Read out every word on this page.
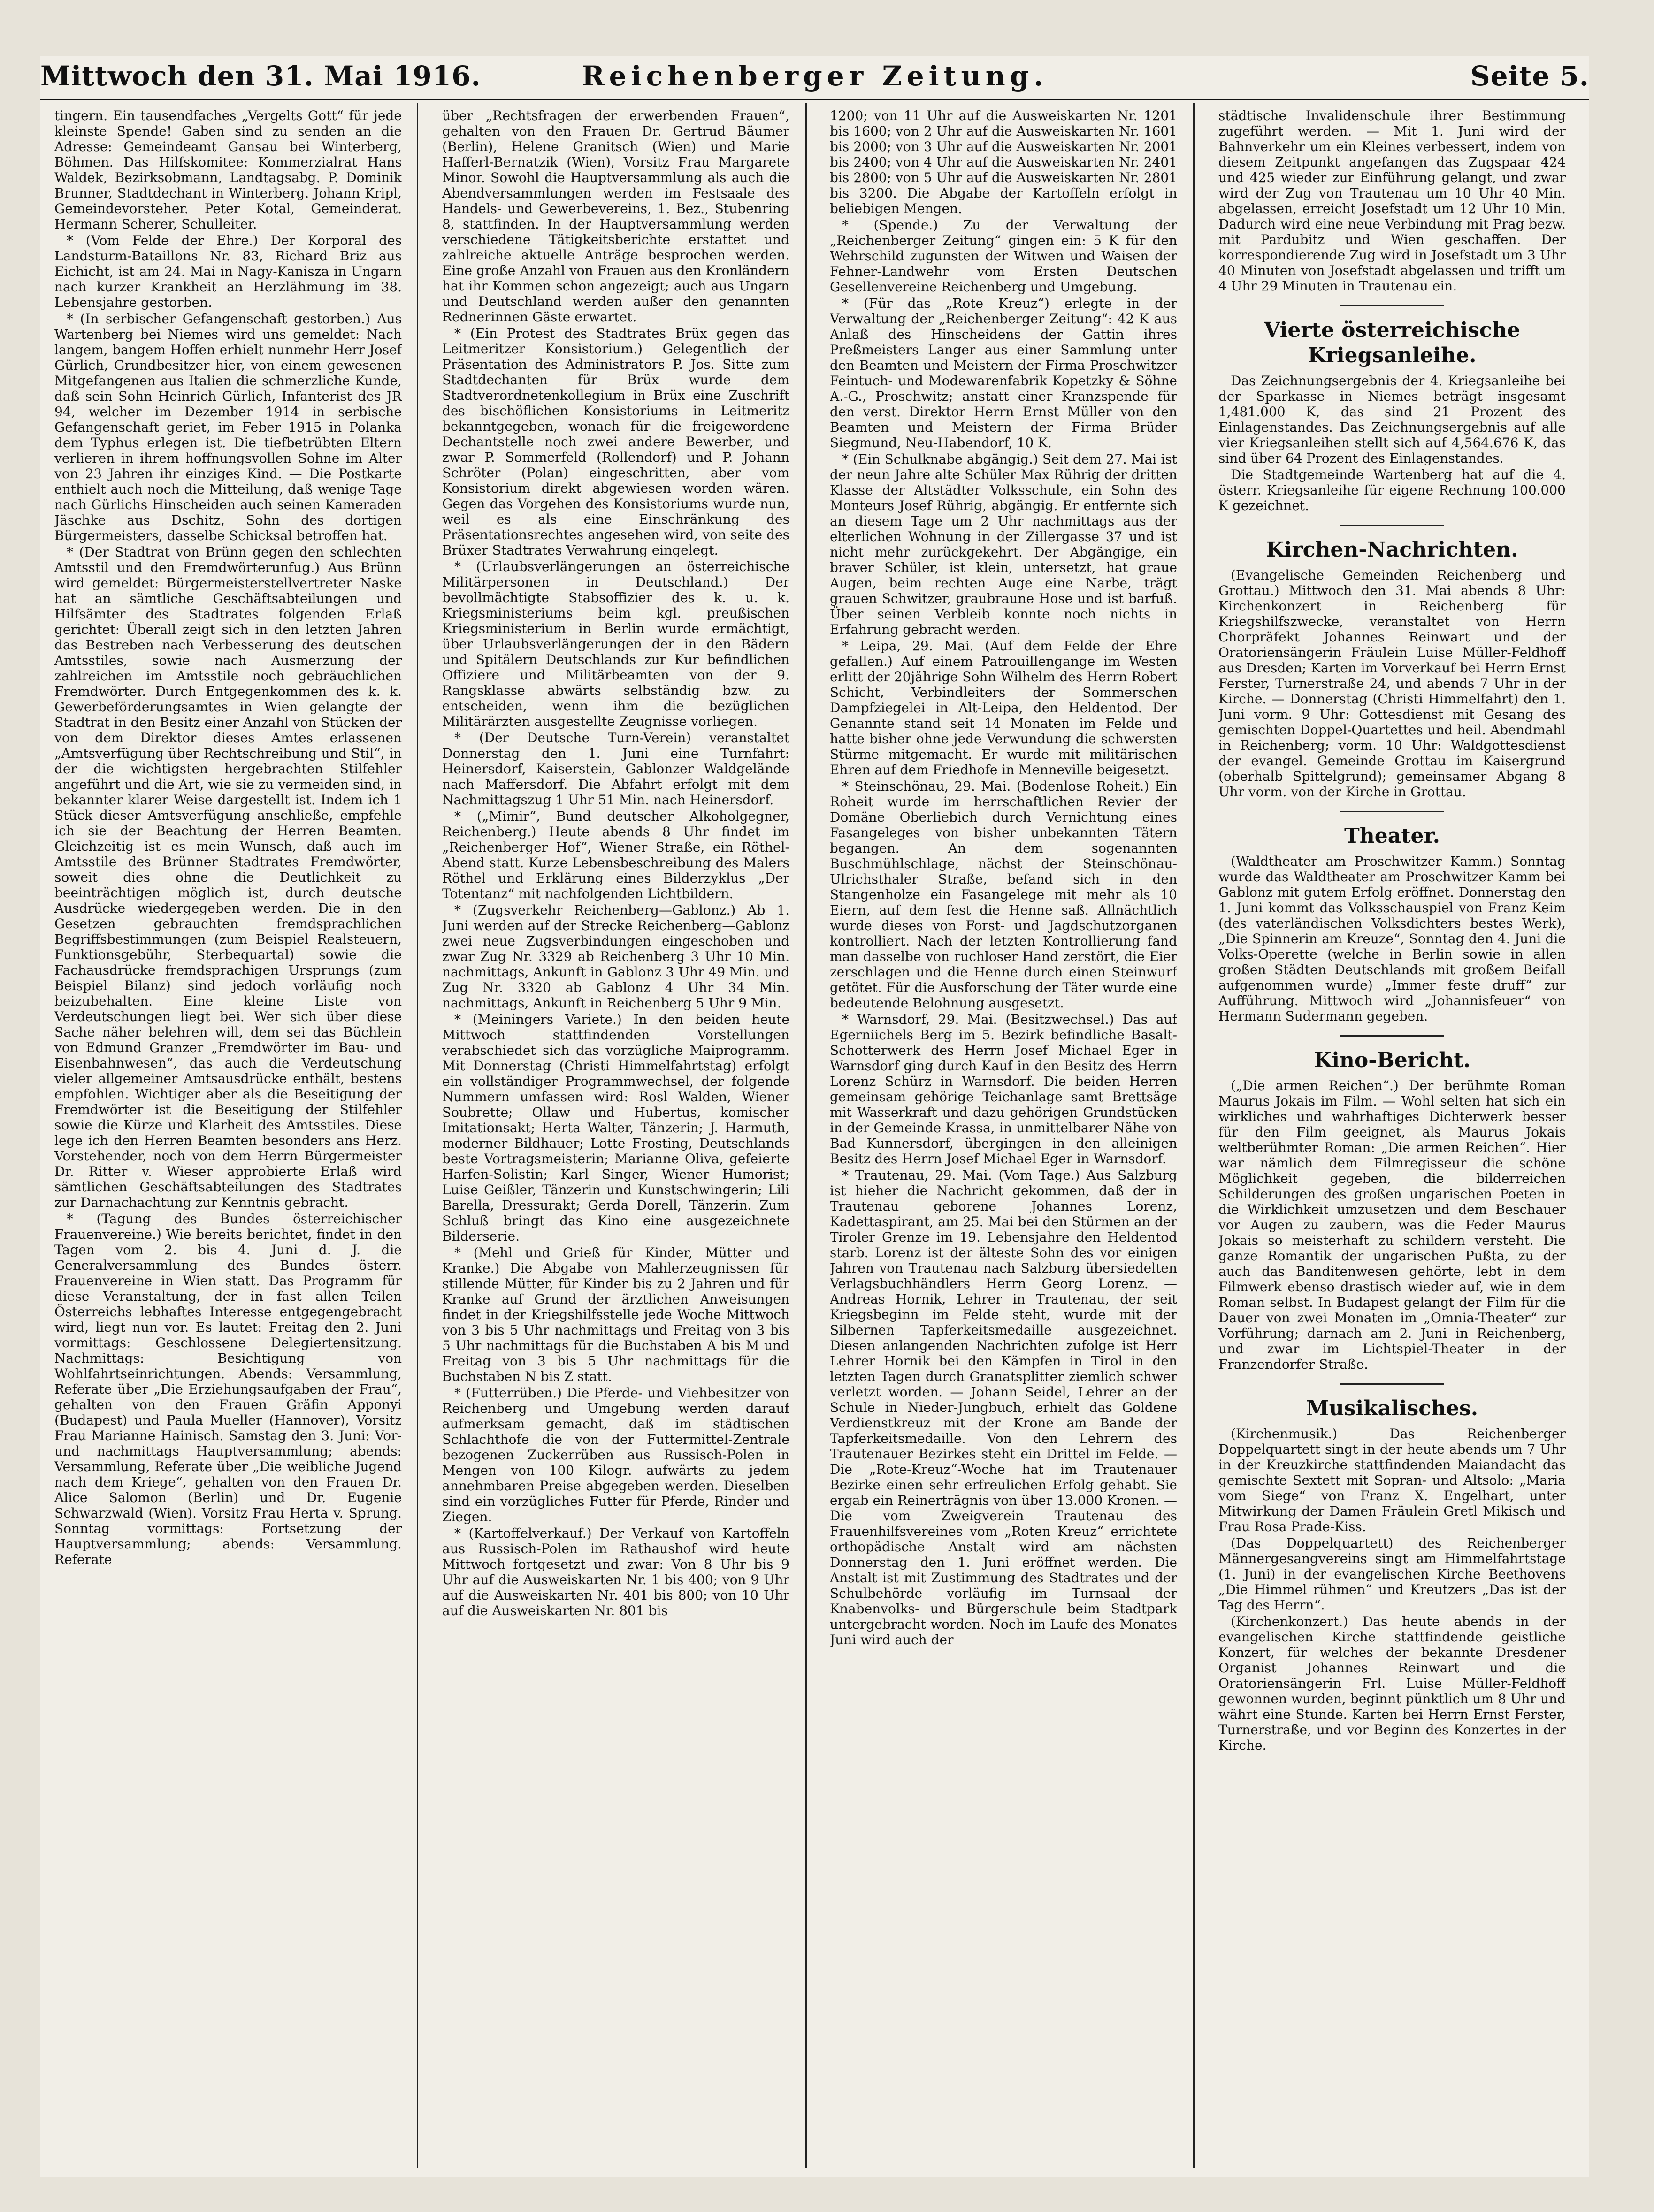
Reichenberger Zeitung.
Mittwoch den 31. Mai 1916.	Seite 5.

tingern. Ein tausendfaches „Vergelts Gott“ für jede kleinste Spende! Gaben sind zu senden an die Adresse: Gemeindeamt Gansau bei Winterberg, Böhmen. Das Hilfskomitee: Kommerzialrat Hans Waldek, Bezirksobmann, Landtagsabg. P. Dominik Brunner, Stadtdechant in Winterberg. Johann Kripl, Gemeindevorsteher. Peter Kotal, Gemeinderat. Hermann Scherer, Schulleiter.

* (Vom Felde der Ehre.) Der Korporal des Landsturm-Bataillons Nr. 83, Richard Briz aus Eichicht, ist am 24. Mai in Nagy-Kanisza in Ungarn nach kurzer Krankheit an Herzlähmung im 38. Lebensjahre gestorben.

* (In serbischer Gefangenschaft gestorben.) Aus Wartenberg bei Niemes wird uns gemeldet: Nach langem, bangem Hoffen erhielt nunmehr Herr Josef Gürlich, Grundbesitzer hier, von einem gewesenen Mitgefangenen aus Italien die schmerzliche Kunde, daß sein Sohn Heinrich Gürlich, Infanterist des JR 94, welcher im Dezember 1914 in serbische Gefangenschaft geriet, im Feber 1915 in Polanka dem Typhus erlegen ist. Die tiefbetrübten Eltern verlieren in ihrem hoffnungsvollen Sohne im Alter von 23 Jahren ihr einziges Kind. — Die Postkarte enthielt auch noch die Mitteilung, daß wenige Tage nach Gürlichs Hinscheiden auch seinen Kameraden Jäschke aus Dschitz, Sohn des dortigen Bürgermeisters, dasselbe Schicksal betroffen hat.

* (Der Stadtrat von Brünn gegen den schlechten Amtsstil und den Fremdwörterunfug.) Aus Brünn wird gemeldet: Bürgermeisterstellvertreter Naske hat an sämtliche Geschäftsabteilungen und Hilfsämter des Stadtrates folgenden Erlaß gerichtet: Überall zeigt sich in den letzten Jahren das Bestreben nach Verbesserung des deutschen Amtsstiles, sowie nach Ausmerzung der zahlreichen im Amtsstile noch gebräuchlichen Fremdwörter. Durch Entgegenkommen des k. k. Gewerbeförderungsamtes in Wien gelangte der Stadtrat in den Besitz einer Anzahl von Stücken der von dem Direktor dieses Amtes erlassenen „Amtsverfügung über Rechtschreibung und Stil“, in der die wichtigsten hergebrachten Stilfehler angeführt und die Art, wie sie zu vermeiden sind, in bekannter klarer Weise dargestellt ist. Indem ich 1 Stück dieser Amtsverfügung anschließe, empfehle ich sie der Beachtung der Herren Beamten. Gleichzeitig ist es mein Wunsch, daß auch im Amtsstile des Brünner Stadtrates Fremdwörter, soweit dies ohne die Deutlichkeit zu beeinträchtigen möglich ist, durch deutsche Ausdrücke wiedergegeben werden. Die in den Gesetzen gebrauchten fremdsprachlichen Begriffsbestimmungen (zum Beispiel Realsteuern, Funktionsgebühr, Sterbequartal) sowie die Fachausdrücke fremdsprachigen Ursprungs (zum Beispiel Bilanz) sind jedoch vorläufig noch beizubehalten. Eine kleine Liste von Verdeutschungen liegt bei. Wer sich über diese Sache näher belehren will, dem sei das Büchlein von Edmund Granzer „Fremdwörter im Bau- und Eisenbahnwesen“, das auch die Verdeutschung vieler allgemeiner Amtsausdrücke enthält, bestens empfohlen. Wichtiger aber als die Beseitigung der Fremdwörter ist die Beseitigung der Stilfehler sowie die Kürze und Klarheit des Amtsstiles. Diese lege ich den Herren Beamten besonders ans Herz. Vorstehender, noch von dem Herrn Bürgermeister Dr. Ritter v. Wieser approbierte Erlaß wird sämtlichen Geschäftsabteilungen des Stadtrates zur Darnachachtung zur Kenntnis gebracht.

* (Tagung des Bundes österreichischer Frauenvereine.) Wie bereits berichtet, findet in den Tagen vom 2. bis 4. Juni d. J. die Generalversammlung des Bundes österr. Frauenvereine in Wien statt. Das Programm für diese Veranstaltung, der in fast allen Teilen Österreichs lebhaftes Interesse entgegengebracht wird, liegt nun vor. Es lautet: Freitag den 2. Juni vormittags: Geschlossene Delegiertensitzung. Nachmittags: Besichtigung von Wohlfahrtseinrichtungen. Abends: Versammlung, Referate über „Die Erziehungsaufgaben der Frau“, gehalten von den Frauen Gräfin Apponyi (Budapest) und Paula Mueller (Hannover), Vorsitz Frau Marianne Hainisch. Samstag den 3. Juni: Vor- und nachmittags Hauptversammlung; abends: Versammlung, Referate über „Die weibliche Jugend nach dem Kriege“, gehalten von den Frauen Dr. Alice Salomon (Berlin) und Dr. Eugenie Schwarzwald (Wien). Vorsitz Frau Herta v. Sprung. Sonntag vormittags: Fortsetzung der Hauptversammlung; abends: Versammlung. Referate

über „Rechtsfragen der erwerbenden Frauen“, gehalten von den Frauen Dr. Gertrud Bäumer (Berlin), Helene Granitsch (Wien) und Marie Hafferl-Bernatzik (Wien), Vorsitz Frau Margarete Minor. Sowohl die Hauptversammlung als auch die Abendversammlungen werden im Festsaale des Handels- und Gewerbevereins, 1. Bez., Stubenring 8, stattfinden. In der Hauptversammlung werden verschiedene Tätigkeitsberichte erstattet und zahlreiche aktuelle Anträge besprochen werden. Eine große Anzahl von Frauen aus den Kronländern hat ihr Kommen schon angezeigt; auch aus Ungarn und Deutschland werden außer den genannten Rednerinnen Gäste erwartet.

* (Ein Protest des Stadtrates Brüx gegen das Leitmeritzer Konsistorium.) Gelegentlich der Präsentation des Administrators P. Jos. Sitte zum Stadtdechanten für Brüx wurde dem Stadtverordnetenkollegium in Brüx eine Zuschrift des bischöflichen Konsistoriums in Leitmeritz bekanntgegeben, wonach für die freigewordene Dechantstelle noch zwei andere Bewerber, und zwar P. Sommerfeld (Rollendorf) und P. Johann Schröter (Polan) eingeschritten, aber vom Konsistorium direkt abgewiesen worden wären. Gegen das Vorgehen des Konsistoriums wurde nun, weil es als eine Einschränkung des Präsentationsrechtes angesehen wird, von seite des Brüxer Stadtrates Verwahrung eingelegt.

* (Urlaubsverlängerungen an österreichische Militärpersonen in Deutschland.) Der bevollmächtigte Stabsoffizier des k. u. k. Kriegsministeriums beim kgl. preußischen Kriegsministerium in Berlin wurde ermächtigt, über Urlaubsverlängerungen der in den Bädern und Spitälern Deutschlands zur Kur befindlichen Offiziere und Militärbeamten von der 9. Rangsklasse abwärts selbständig bzw. zu entscheiden, wenn ihm die bezüglichen Militärärzten ausgestellte Zeugnisse vorliegen.

* (Der Deutsche Turn-Verein) veranstaltet Donnerstag den 1. Juni eine Turnfahrt: Heinersdorf, Kaiserstein, Gablonzer Waldgelände nach Maffersdorf. Die Abfahrt erfolgt mit dem Nachmittagszug 1 Uhr 51 Min. nach Heinersdorf.

* („Mimir“, Bund deutscher Alkoholgegner, Reichenberg.) Heute abends 8 Uhr findet im „Reichenberger Hof“, Wiener Straße, ein Röthel-Abend statt. Kurze Lebensbeschreibung des Malers Röthel und Erklärung eines Bilderzyklus „Der Totentanz“ mit nachfolgenden Lichtbildern.

* (Zugsverkehr Reichenberg—Gablonz.) Ab 1. Juni werden auf der Strecke Reichenberg—Gablonz zwei neue Zugsverbindungen eingeschoben und zwar Zug Nr. 3329 ab Reichenberg 3 Uhr 10 Min. nachmittags, Ankunft in Gablonz 3 Uhr 49 Min. und Zug Nr. 3320 ab Gablonz 4 Uhr 34 Min. nachmittags, Ankunft in Reichenberg 5 Uhr 9 Min.

* (Meiningers Variete.) In den beiden heute Mittwoch stattfindenden Vorstellungen verabschiedet sich das vorzügliche Maiprogramm. Mit Donnerstag (Christi Himmelfahrtstag) erfolgt ein vollständiger Programmwechsel, der folgende Nummern umfassen wird: Rosl Walden, Wiener Soubrette; Ollaw und Hubertus, komischer Imitationsakt; Herta Walter, Tänzerin; J. Harmuth, moderner Bildhauer; Lotte Frosting, Deutschlands beste Vortragsmeisterin; Marianne Oliva, gefeierte Harfen-Solistin; Karl Singer, Wiener Humorist; Luise Geißler, Tänzerin und Kunstschwingerin; Lili Barella, Dressurakt; Gerda Dorell, Tänzerin. Zum Schluß bringt das Kino eine ausgezeichnete Bilderserie.

* (Mehl und Grieß für Kinder, Mütter und Kranke.) Die Abgabe von Mahlerzeugnissen für stillende Mütter, für Kinder bis zu 2 Jahren und für Kranke auf Grund der ärztlichen Anweisungen findet in der Kriegshilfsstelle jede Woche Mittwoch von 3 bis 5 Uhr nachmittags und Freitag von 3 bis 5 Uhr nachmittags für die Buchstaben A bis M und Freitag von 3 bis 5 Uhr nachmittags für die Buchstaben N bis Z statt.

* (Futterrüben.) Die Pferde- und Viehbesitzer von Reichenberg und Umgebung werden darauf aufmerksam gemacht, daß im städtischen Schlachthofe die von der Futtermittel-Zentrale bezogenen Zuckerrüben aus Russisch-Polen in Mengen von 100 Kilogr. aufwärts zu jedem annehmbaren Preise abgegeben werden. Dieselben sind ein vorzügliches Futter für Pferde, Rinder und Ziegen.

* (Kartoffelverkauf.) Der Verkauf von Kartoffeln aus Russisch-Polen im Rathaushof wird heute Mittwoch fortgesetzt und zwar: Von 8 Uhr bis 9 Uhr auf die Ausweiskarten Nr. 1 bis 400; von 9 Uhr auf die Ausweiskarten Nr. 401 bis 800; von 10 Uhr auf die Ausweiskarten Nr. 801 bis

1200; von 11 Uhr auf die Ausweiskarten Nr. 1201 bis 1600; von 2 Uhr auf die Ausweiskarten Nr. 1601 bis 2000; von 3 Uhr auf die Ausweiskarten Nr. 2001 bis 2400; von 4 Uhr auf die Ausweiskarten Nr. 2401 bis 2800; von 5 Uhr auf die Ausweiskarten Nr. 2801 bis 3200. Die Abgabe der Kartoffeln erfolgt in beliebigen Mengen.

* (Spende.) Zu der Verwaltung der „Reichenberger Zeitung“ gingen ein: 5 K für den Wehrschild zugunsten der Witwen und Waisen der Fehner-Landwehr vom Ersten Deutschen Gesellenvereine Reichenberg und Umgebung.

* (Für das „Rote Kreuz“) erlegte in der Verwaltung der „Reichenberger Zeitung“: 42 K aus Anlaß des Hinscheidens der Gattin ihres Preßmeisters Langer aus einer Sammlung unter den Beamten und Meistern der Firma Proschwitzer Feintuch- und Modewarenfabrik Kopetzky & Söhne A.-G., Proschwitz; anstatt einer Kranzspende für den verst. Direktor Herrn Ernst Müller von den Beamten und Meistern der Firma Brüder Siegmund, Neu-Habendorf, 10 K.

* (Ein Schulknabe abgängig.) Seit dem 27. Mai ist der neun Jahre alte Schüler Max Rührig der dritten Klasse der Altstädter Volksschule, ein Sohn des Monteurs Josef Rührig, abgängig. Er entfernte sich an diesem Tage um 2 Uhr nachmittags aus der elterlichen Wohnung in der Zillergasse 37 und ist nicht mehr zurückgekehrt. Der Abgängige, ein braver Schüler, ist klein, untersetzt, hat graue Augen, beim rechten Auge eine Narbe, trägt grauen Schwitzer, graubraune Hose und ist barfuß. Über seinen Verbleib konnte noch nichts in Erfahrung gebracht werden.

* Leipa, 29. Mai. (Auf dem Felde der Ehre gefallen.) Auf einem Patrouillengange im Westen erlitt der 20jährige Sohn Wilhelm des Herrn Robert Schicht, Verbindleiters der Sommerschen Dampfziegelei in Alt-Leipa, den Heldentod. Der Genannte stand seit 14 Monaten im Felde und hatte bisher ohne jede Verwundung die schwersten Stürme mitgemacht. Er wurde mit militärischen Ehren auf dem Friedhofe in Menneville beigesetzt.

* Steinschönau, 29. Mai. (Bodenlose Roheit.) Ein Roheit wurde im herrschaftlichen Revier der Domäne Oberliebich durch Vernichtung eines Fasangeleges von bisher unbekannten Tätern begangen. An dem sogenannten Buschmühlschlage, nächst der Steinschönau-Ulrichsthaler Straße, befand sich in den Stangenholze ein Fasangelege mit mehr als 10 Eiern, auf dem fest die Henne saß. Allnächtlich wurde dieses von Forst- und Jagdschutzorganen kontrolliert. Nach der letzten Kontrollierung fand man dasselbe von ruchloser Hand zerstört, die Eier zerschlagen und die Henne durch einen Steinwurf getötet. Für die Ausforschung der Täter wurde eine bedeutende Belohnung ausgesetzt.

* Warnsdorf, 29. Mai. (Besitzwechsel.) Das auf Egerniichels Berg im 5. Bezirk befindliche Basalt-Schotterwerk des Herrn Josef Michael Eger in Warnsdorf ging durch Kauf in den Besitz des Herrn Lorenz Schürz in Warnsdorf. Die beiden Herren gemeinsam gehörige Teichanlage samt Brettsäge mit Wasserkraft und dazu gehörigen Grundstücken in der Gemeinde Krassa, in unmittelbarer Nähe von Bad Kunnersdorf, übergingen in den alleinigen Besitz des Herrn Josef Michael Eger in Warnsdorf.

* Trautenau, 29. Mai. (Vom Tage.) Aus Salzburg ist hieher die Nachricht gekommen, daß der in Trautenau geborene Johannes Lorenz, Kadettaspirant, am 25. Mai bei den Stürmen an der Tiroler Grenze im 19. Lebensjahre den Heldentod starb. Lorenz ist der älteste Sohn des vor einigen Jahren von Trautenau nach Salzburg übersiedelten Verlagsbuchhändlers Herrn Georg Lorenz. — Andreas Hornik, Lehrer in Trautenau, der seit Kriegsbeginn im Felde steht, wurde mit der Silbernen Tapferkeitsmedaille ausgezeichnet. Diesen anlangenden Nachrichten zufolge ist Herr Lehrer Hornik bei den Kämpfen in Tirol in den letzten Tagen durch Granatsplitter ziemlich schwer verletzt worden. — Johann Seidel, Lehrer an der Schule in Nieder-Jungbuch, erhielt das Goldene Verdienstkreuz mit der Krone am Bande der Tapferkeitsmedaille. Von den Lehrern des Trautenauer Bezirkes steht ein Drittel im Felde. — Die „Rote-Kreuz“-Woche hat im Trautenauer Bezirke einen sehr erfreulichen Erfolg gehabt. Sie ergab ein Reinerträgnis von über 13.000 Kronen. — Die vom Zweigverein Trautenau des Frauenhilfsvereines vom „Roten Kreuz“ errichtete orthopädische Anstalt wird am nächsten Donnerstag den 1. Juni eröffnet werden. Die Anstalt ist mit Zustimmung des Stadtrates und der Schulbehörde vorläufig im Turnsaal der Knabenvolks- und Bürgerschule beim Stadtpark untergebracht worden. Noch im Laufe des Monates Juni wird auch der

städtische Invalidenschule ihrer Bestimmung zugeführt werden. — Mit 1. Juni wird der Bahnverkehr um ein Kleines verbessert, indem von diesem Zeitpunkt angefangen das Zugspaar 424 und 425 wieder zur Einführung gelangt, und zwar wird der Zug von Trautenau um 10 Uhr 40 Min. abgelassen, erreicht Josefstadt um 12 Uhr 10 Min. Dadurch wird eine neue Verbindung mit Prag bezw. mit Pardubitz und Wien geschaffen. Der korrespondierende Zug wird in Josefstadt um 3 Uhr 40 Minuten von Josefstadt abgelassen und trifft um 4 Uhr 29 Minuten in Trautenau ein.

Vierte österreichische Kriegsanleihe.

Das Zeichnungsergebnis der 4. Kriegsanleihe bei der Sparkasse in Niemes beträgt insgesamt 1,481.000 K, das sind 21 Prozent des Einlagenstandes. Das Zeichnungsergebnis auf alle vier Kriegsanleihen stellt sich auf 4,564.676 K, das sind über 64 Prozent des Einlagenstandes.

Die Stadtgemeinde Wartenberg hat auf die 4. österr. Kriegsanleihe für eigene Rechnung 100.000 K gezeichnet.

Kirchen-Nachrichten.

(Evangelische Gemeinden Reichenberg und Grottau.) Mittwoch den 31. Mai abends 8 Uhr: Kirchenkonzert in Reichenberg für Kriegshilfszwecke, veranstaltet von Herrn Chorpräfekt Johannes Reinwart und der Oratoriensängerin Fräulein Luise Müller-Feldhoff aus Dresden; Karten im Vorverkauf bei Herrn Ernst Ferster, Turnerstraße 24, und abends 7 Uhr in der Kirche. — Donnerstag (Christi Himmelfahrt) den 1. Juni vorm. 9 Uhr: Gottesdienst mit Gesang des gemischten Doppel-Quartettes und heil. Abendmahl in Reichenberg; vorm. 10 Uhr: Waldgottesdienst der evangel. Gemeinde Grottau im Kaisergrund (oberhalb Spittelgrund); gemeinsamer Abgang 8 Uhr vorm. von der Kirche in Grottau.

Theater.

(Waldtheater am Proschwitzer Kamm.) Sonntag wurde das Waldtheater am Proschwitzer Kamm bei Gablonz mit gutem Erfolg eröffnet. Donnerstag den 1. Juni kommt das Volksschauspiel von Franz Keim (des vaterländischen Volksdichters bestes Werk), „Die Spinnerin am Kreuze“, Sonntag den 4. Juni die Volks-Operette (welche in Berlin sowie in allen großen Städten Deutschlands mit großem Beifall aufgenommen wurde) „Immer feste druff“ zur Aufführung. Mittwoch wird „Johannisfeuer“ von Hermann Sudermann gegeben.

Kino-Bericht.

(„Die armen Reichen“.) Der berühmte Roman Maurus Jokais im Film. — Wohl selten hat sich ein wirkliches und wahrhaftiges Dichterwerk besser für den Film geeignet, als Maurus Jokais weltberühmter Roman: „Die armen Reichen“. Hier war nämlich dem Filmregisseur die schöne Möglichkeit gegeben, die bilderreichen Schilderungen des großen ungarischen Poeten in die Wirklichkeit umzusetzen und dem Beschauer vor Augen zu zaubern, was die Feder Maurus Jokais so meisterhaft zu schildern versteht. Die ganze Romantik der ungarischen Pußta, zu der auch das Banditenwesen gehörte, lebt in dem Filmwerk ebenso drastisch wieder auf, wie in dem Roman selbst. In Budapest gelangt der Film für die Dauer von zwei Monaten im „Omnia-Theater“ zur Vorführung; darnach am 2. Juni in Reichenberg, und zwar im Lichtspiel-Theater in der Franzendorfer Straße.

Musikalisches.

(Kirchenmusik.) Das Reichenberger Doppelquartett singt in der heute abends um 7 Uhr in der Kreuzkirche stattfindenden Maiandacht das gemischte Sextett mit Sopran- und Altsolo: „Maria vom Siege“ von Franz X. Engelhart, unter Mitwirkung der Damen Fräulein Gretl Mikisch und Frau Rosa Prade-Kiss.

(Das Doppelquartett) des Reichenberger Männergesangvereins singt am Himmelfahrtstage (1. Juni) in der evangelischen Kirche Beethovens „Die Himmel rühmen“ und Kreutzers „Das ist der Tag des Herrn“.

(Kirchenkonzert.) Das heute abends in der evangelischen Kirche stattfindende geistliche Konzert, für welches der bekannte Dresdener Organist Johannes Reinwart und die Oratoriensängerin Frl. Luise Müller-Feldhoff gewonnen wurden, beginnt pünktlich um 8 Uhr und währt eine Stunde. Karten bei Herrn Ernst Ferster, Turnerstraße, und vor Beginn des Konzertes in der Kirche.
